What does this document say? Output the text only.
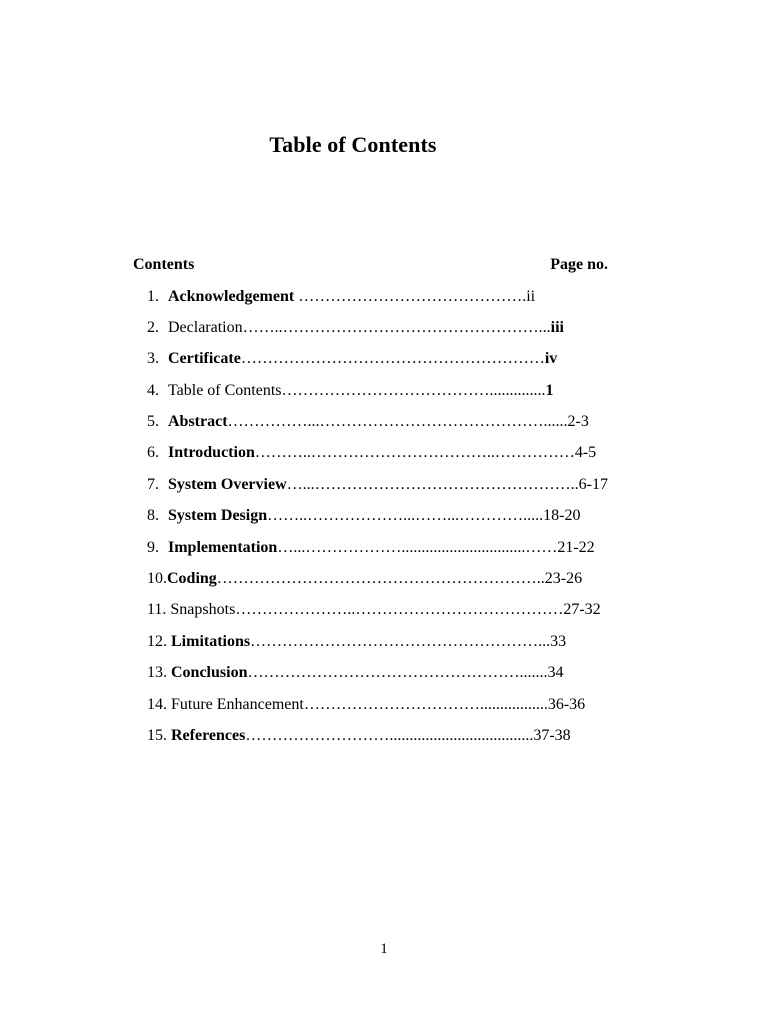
Table of Contents
Contents	Page no.
1. Acknowledgement …………………………………….ii
2. Declaration……..…………………………………………...iii
3. Certificate…………………………………………………iv
4. Table of Contents…………………………………..............1
5. Abstract……………...……………………………………......2-3
6. Introduction………..……………………………..……………4-5
7. System Overview…...…………………………………………..6-17
8. System Design……..………………...……...………….....18-20
9. Implementation…...………………...............................……21-22
10.Coding……………………………………………………..23-26
11.Snapshots…………………..…………………………………27-32
12.Limitations………………………………………………...33
13.Conclusion…………………………………………….......34
14.Future Enhancement…………………………….................36-36
15.References………………………....................................37-38
1
